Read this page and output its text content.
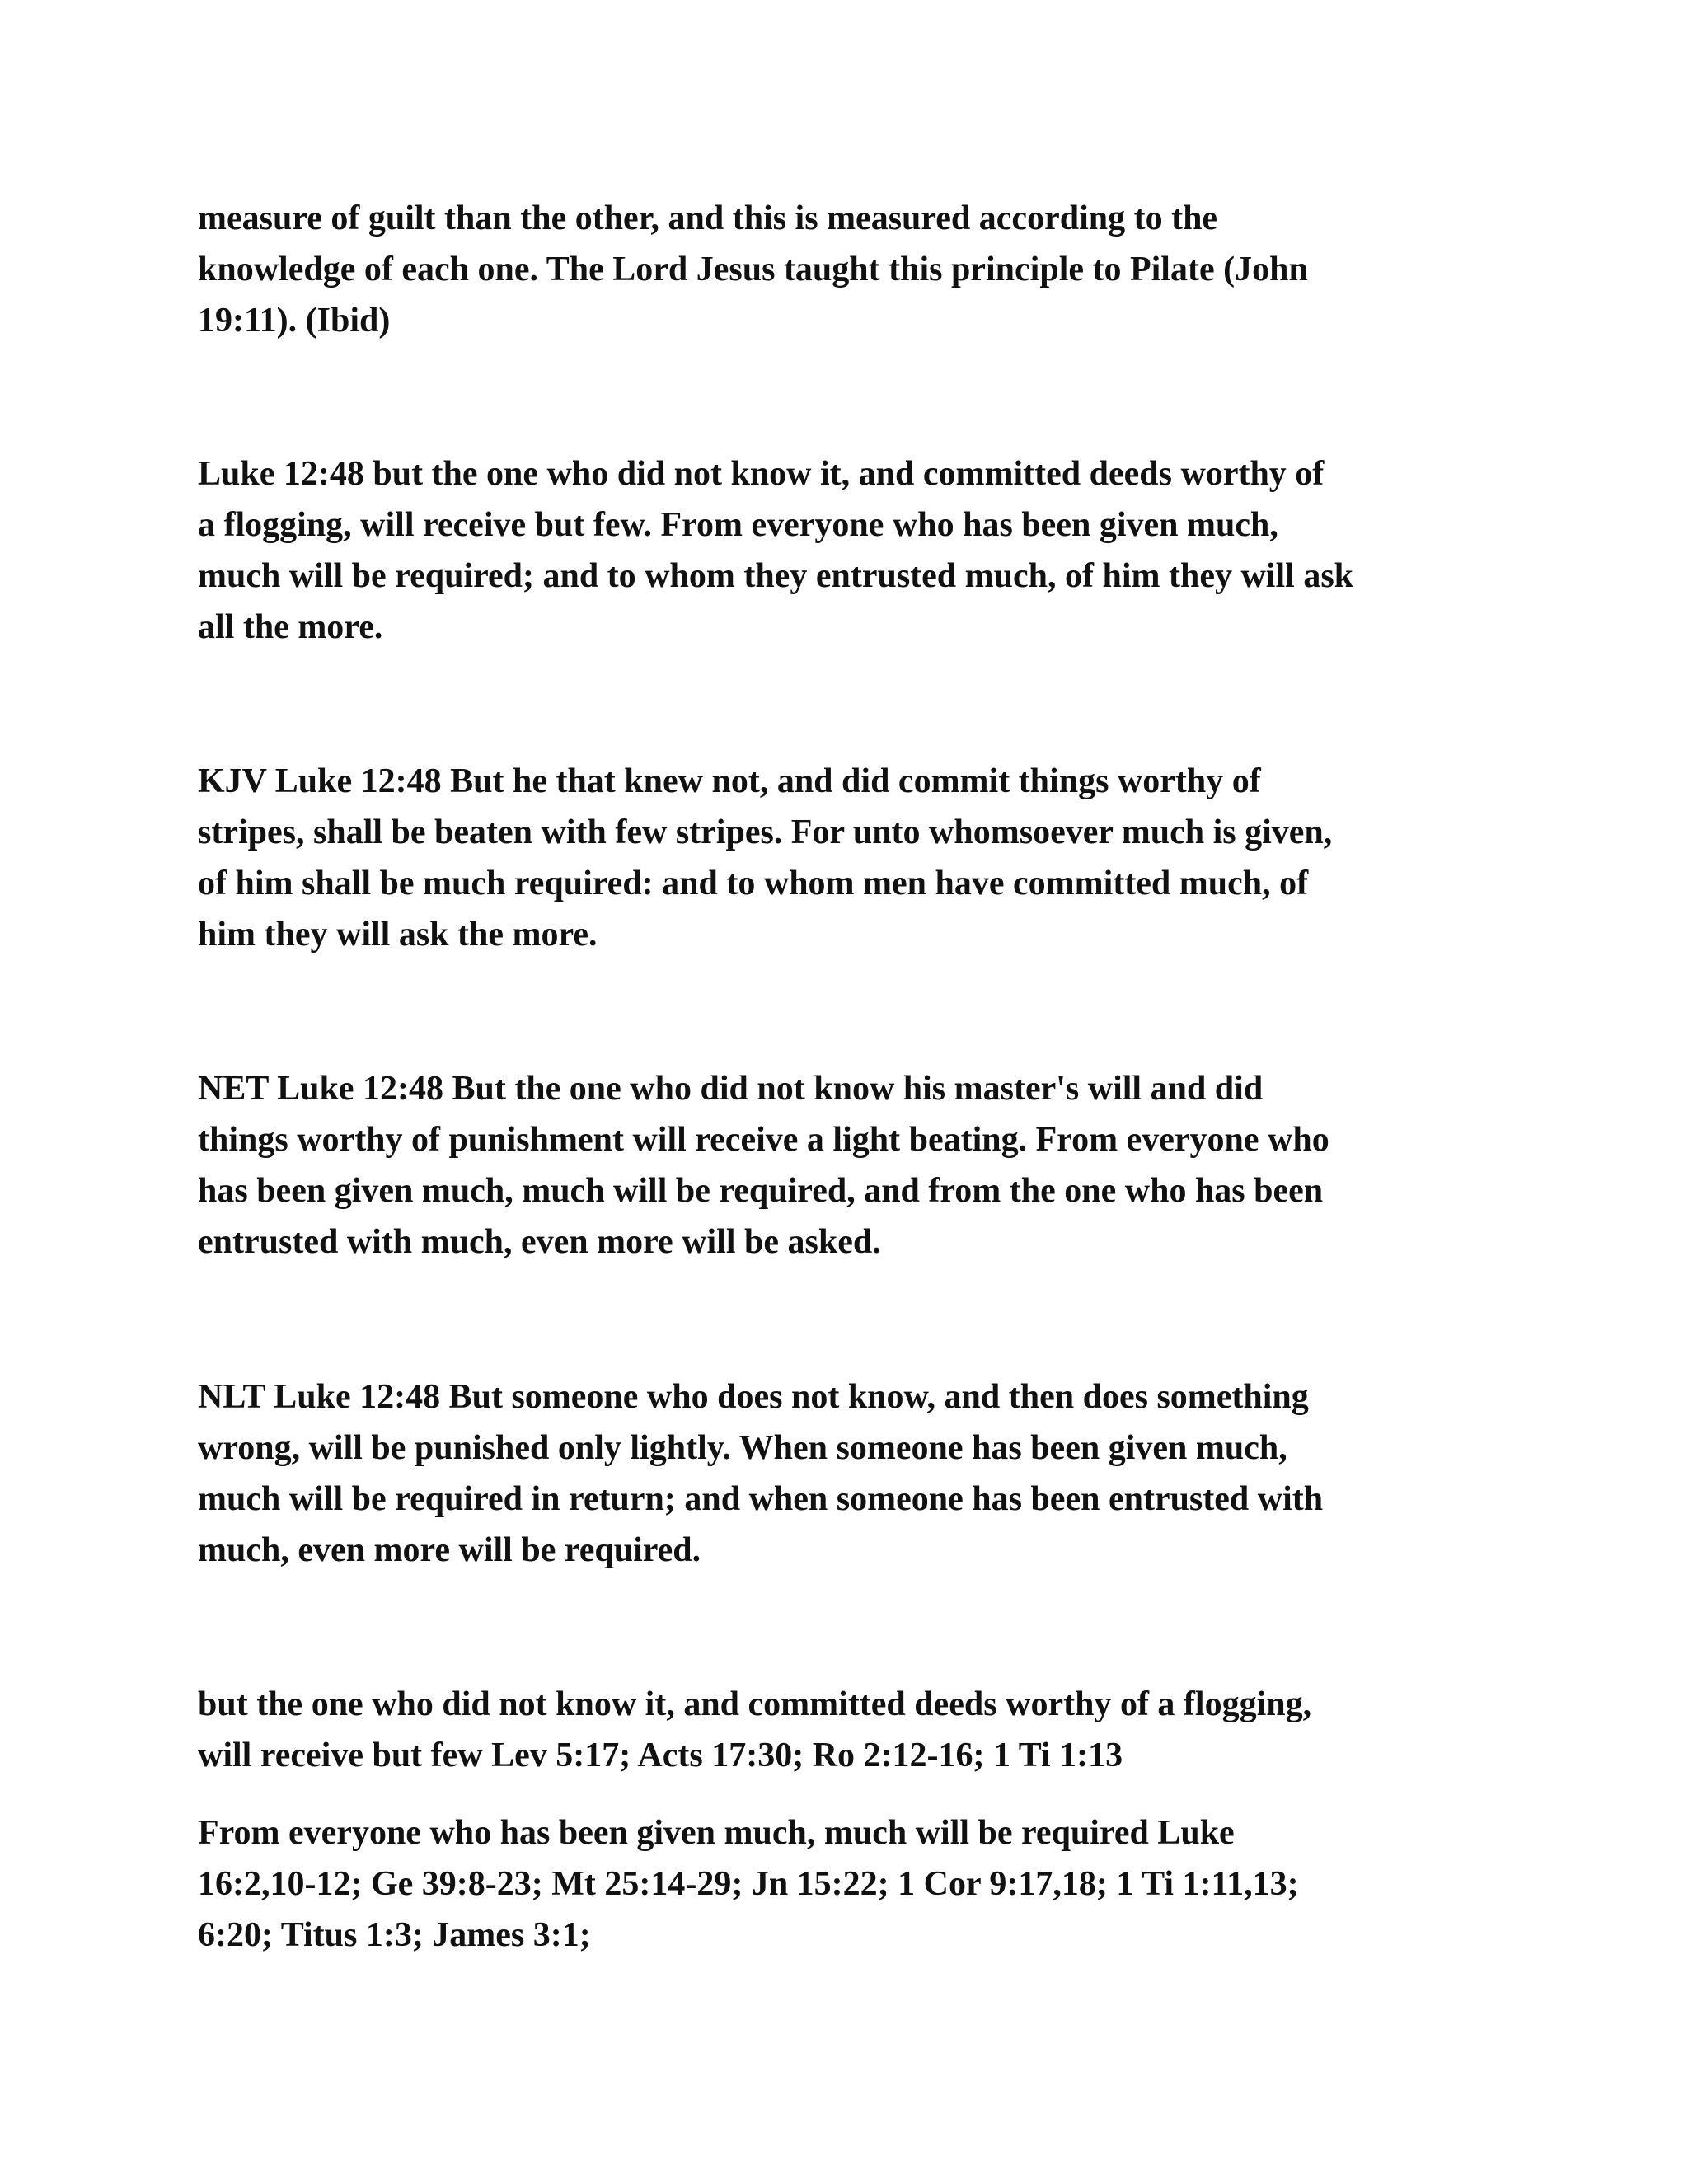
measure of guilt than the other, and this is measured according to the
knowledge of each one. The Lord Jesus taught this principle to Pilate (John
19:11). (Ibid)

Luke 12:48 but the one who did not know it, and committed deeds worthy of
a flogging, will receive but few. From everyone who has been given much,
much will be required; and to whom they entrusted much, of him they will ask
all the more.

KJV Luke 12:48 But he that knew not, and did commit things worthy of
stripes, shall be beaten with few stripes. For unto whomsoever much is given,
of him shall be much required: and to whom men have committed much, of
him they will ask the more.

NET Luke 12:48 But the one who did not know his master's will and did
things worthy of punishment will receive a light beating. From everyone who
has been given much, much will be required, and from the one who has been
entrusted with much, even more will be asked.

NLT Luke 12:48 But someone who does not know, and then does something
wrong, will be punished only lightly. When someone has been given much,
much will be required in return; and when someone has been entrusted with
much, even more will be required.

but the one who did not know it, and committed deeds worthy of a flogging,
will receive but few Lev 5:17; Acts 17:30; Ro 2:12-16; 1 Ti 1:13

From everyone who has been given much, much will be required Luke
16:2,10-12; Ge 39:8-23; Mt 25:14-29; Jn 15:22; 1 Cor 9:17,18; 1 Ti 1:11,13;
6:20; Titus 1:3; James 3:1;
